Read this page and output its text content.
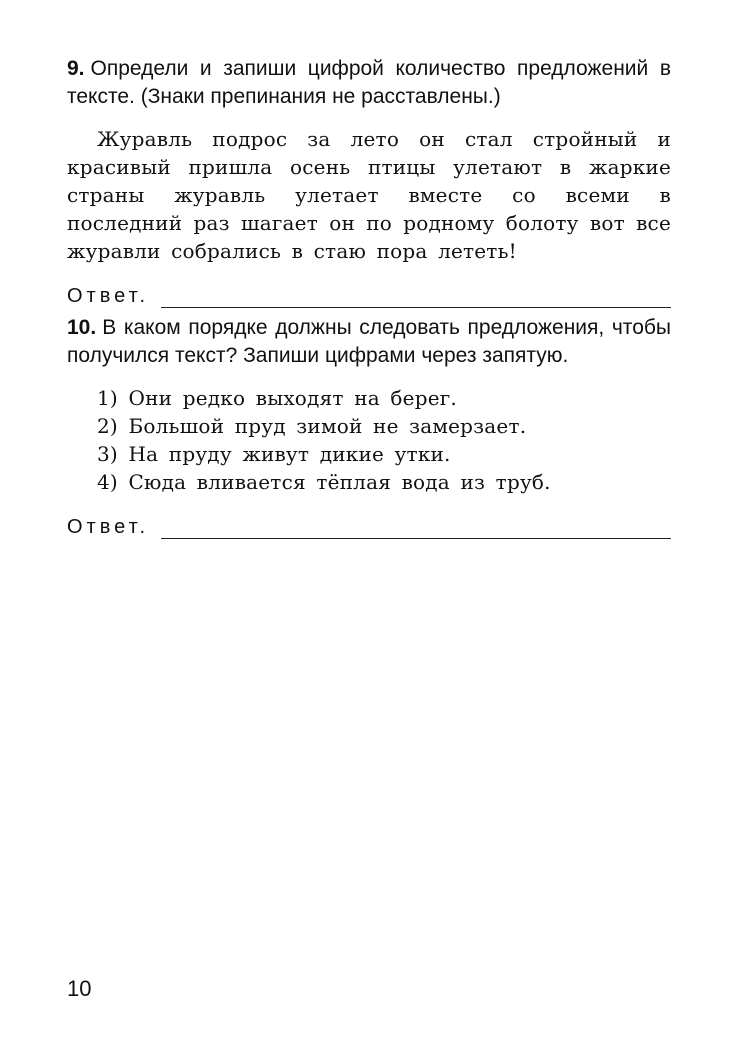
9. Определи и запиши цифрой количество предложений в тексте. (Знаки препинания не расставлены.)

Журавль подрос за лето он стал стройный и красивый пришла осень птицы улетают в жаркие страны журавль улетает вместе со всеми в последний раз шагает он по родному болоту вот все журавли собрались в стаю пора лететь!

Ответ.

10. В каком порядке должны следовать предложения, чтобы получился текст? Запиши цифрами через запятую.

1) Они редко выходят на берег.
2) Большой пруд зимой не замерзает.
3) На пруду живут дикие утки.
4) Сюда вливается тёплая вода из труб.
Ответ.
10
